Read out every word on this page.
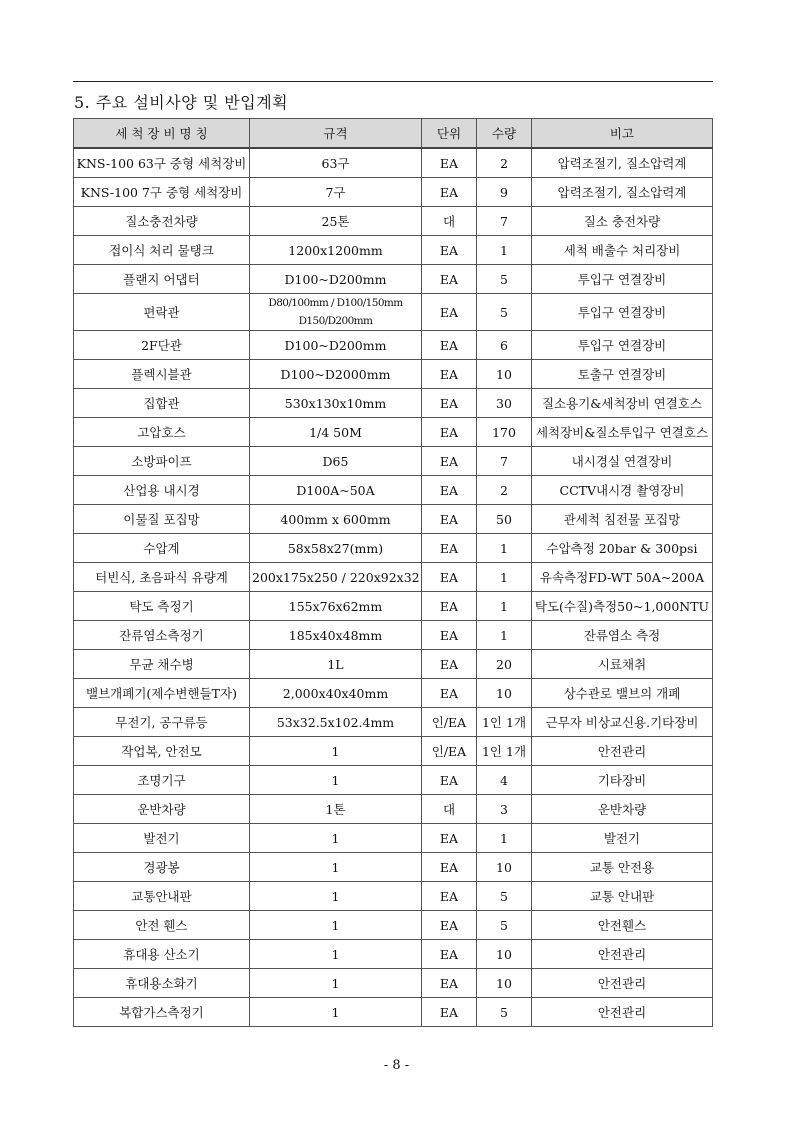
5. 주요 설비사양 및 반입계획
세 척 장 비 명 칭	규격	단위	수량	비고
KNS-100 63구 중형 세척장비	63구	EA	2	압력조절기, 질소압력계
KNS-100 7구 중형 세척장비	7구	EA	9	압력조절기, 질소압력계
질소충전차량	25톤	대	7	질소 충전차량
접이식 처리 물탱크	1200x1200mm	EA	1	세척 배출수 처리장비
플랜지 어댑터	D100~D200mm	EA	5	투입구 연결장비
편락관	D80/100mm / D100/150mm D150/D200mm	EA	5	투입구 연결장비
2F단관	D100~D200mm	EA	6	투입구 연결장비
플렉시블관	D100~D2000mm	EA	10	토출구 연결장비
집합관	530x130x10mm	EA	30	질소용기&세척장비 연결호스
고압호스	1/4 50M	EA	170	세척장비&질소투입구 연결호스
소방파이프	D65	EA	7	내시경실 연결장비
산업용 내시경	D100A~50A	EA	2	CCTV내시경 촬영장비
이물질 포집망	400mm x 600mm	EA	50	관세척 침전물 포집망
수압계	58x58x27(mm)	EA	1	수압측정 20bar & 300psi
터빈식, 초음파식 유량계	200x175x250 / 220x92x32	EA	1	유속측정FD-WT 50A~200A
탁도 측정기	155x76x62mm	EA	1	탁도(수질)측정50~1,000NTU
잔류염소측정기	185x40x48mm	EA	1	잔류염소 측정
무균 채수병	1L	EA	20	시료채취
밸브개폐기(제수변핸들T자)	2,000x40x40mm	EA	10	상수관로 밸브의 개폐
무전기, 공구류등	53x32.5x102.4mm	인/EA	1인 1개	근무자 비상교신용.기타장비
작업복, 안전모	1	인/EA	1인 1개	안전관리
조명기구	1	EA	4	기타장비
운반차량	1톤	대	3	운반차량
발전기	1	EA	1	발전기
경광봉	1	EA	10	교통 안전용
교통안내판	1	EA	5	교통 안내판
안전 휀스	1	EA	5	안전휀스
휴대용 산소기	1	EA	10	안전관리
휴대용소화기	1	EA	10	안전관리
복합가스측정기	1	EA	5	안전관리
- 8 -
